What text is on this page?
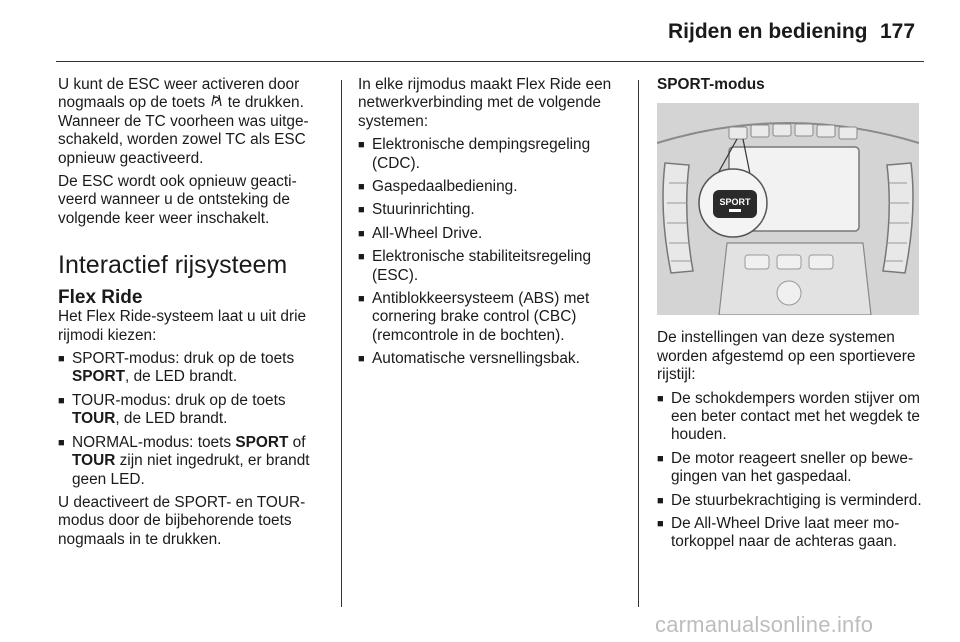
Rijden en bediening 177

U kunt de ESC weer activeren door nogmaals op de toets  te drukken. Wanneer de TC voorheen was uitgeschakeld, worden zowel TC als ESC opnieuw geactiveerd.

De ESC wordt ook opnieuw geactiveerd wanneer u de ontsteking de volgende keer weer inschakelt.

Interactief rijsysteem
Flex Ride

Het Flex Ride-systeem laat u uit drie rijmodi kiezen:

■ SPORT-modus: druk op de toets SPORT, de LED brandt.
■ TOUR-modus: druk op de toets TOUR, de LED brandt.
■ NORMAL-modus: toets SPORT of TOUR zijn niet ingedrukt, er brandt geen LED.

U deactiveert de SPORT- en TOUR-modus door de bijbehorende toets nogmaals in te drukken.

In elke rijmodus maakt Flex Ride een netwerkverbinding met de volgende systemen:

■ Elektronische dempingsregeling (CDC).
■ Gaspedaalbediening.
■ Stuurinrichting.
■ All-Wheel Drive.
■ Elektronische stabiliteitsregeling (ESC).
■ Antiblokkeersysteem (ABS) met cornering brake control (CBC) (remcontrole in de bochten).
■ Automatische versnellingsbak.
SPORT-modus
SPORT

De instellingen van deze systemen worden afgestemd op een sportievere rijstijl:

■ De schokdempers worden stijver om een beter contact met het wegdek te houden.
■ De motor reageert sneller op bewegingen van het gaspedaal.
■ De stuurbekrachtiging is verminderd.
■ De All-Wheel Drive laat meer motorkoppel naar de achteras gaan.
carmanualsonline.info
